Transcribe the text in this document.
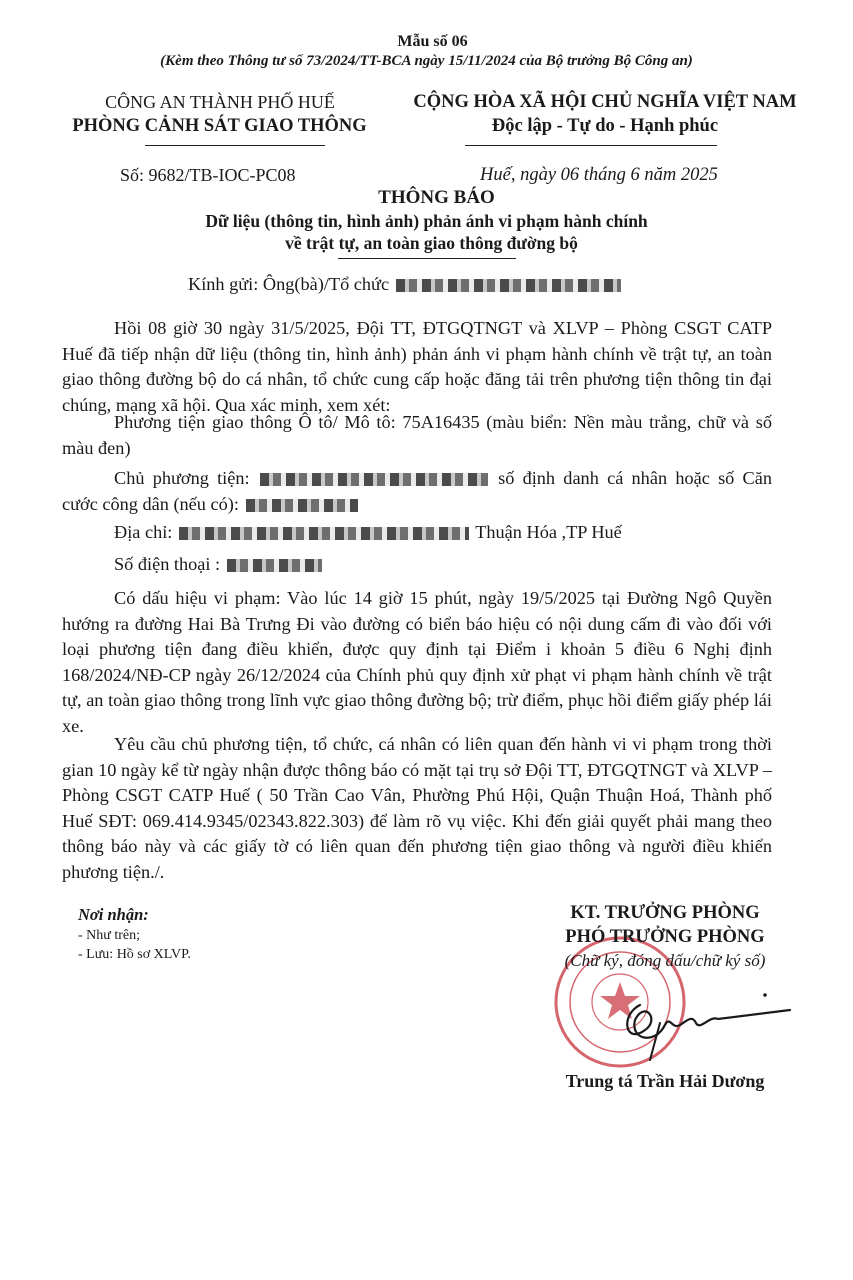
Mẫu số 06
(Kèm theo Thông tư số 73/2024/TT-BCA ngày 15/11/2024 của Bộ trưởng Bộ Công an)
CÔNG AN THÀNH PHỐ HUẾ
PHÒNG CẢNH SÁT GIAO THÔNG
CỘNG HÒA XÃ HỘI CHỦ NGHĨA VIỆT NAM
Độc lập - Tự do - Hạnh phúc
Số: 9682/TB-IOC-PC08	Huế, ngày 06 tháng 6 năm 2025
THÔNG BÁO
Dữ liệu (thông tin, hình ảnh) phản ánh vi phạm hành chính
về trật tự, an toàn giao thông đường bộ
Kính gửi: Ông(bà)/Tổ chức

Hồi 08 giờ 30 ngày 31/5/2025, Đội TT, ĐTGQTNGT và XLVP – Phòng CSGT CATP Huế đã tiếp nhận dữ liệu (thông tin, hình ảnh) phản ánh vi phạm hành chính về trật tự, an toàn giao thông đường bộ do cá nhân, tổ chức cung cấp hoặc đăng tải trên phương tiện thông tin đại chúng, mạng xã hội. Qua xác minh, xem xét:

Phương tiện giao thông Ô tô/ Mô tô: 75A16435 (màu biển: Nền màu trắng, chữ và số màu đen)

Chủ phương tiện:	số định danh cá nhân hoặc số Căn cước công dân (nếu có):

Địa chỉ:	Thuận Hóa ,TP Huế
Số điện thoại :

Có dấu hiệu vi phạm: Vào lúc 14 giờ 15 phút, ngày 19/5/2025 tại Đường Ngô Quyền hướng ra đường Hai Bà Trưng Đi vào đường có biển báo hiệu có nội dung cấm đi vào đối với loại phương tiện đang điều khiển, được quy định tại Điểm i khoản 5 điều 6 Nghị định 168/2024/NĐ-CP ngày 26/12/2024 của Chính phủ quy định xử phạt vi phạm hành chính về trật tự, an toàn giao thông trong lĩnh vực giao thông đường bộ; trừ điểm, phục hồi điểm giấy phép lái xe.

Yêu cầu chủ phương tiện, tổ chức, cá nhân có liên quan đến hành vi vi phạm trong thời gian 10 ngày kể từ ngày nhận được thông báo có mặt tại trụ sở Đội TT, ĐTGQTNGT và XLVP – Phòng CSGT CATP Huế ( 50 Trần Cao Vân, Phường Phú Hội, Quận Thuận Hoá, Thành phố Huế SĐT: 069.414.9345/02343.822.303) để làm rõ vụ việc. Khi đến giải quyết phải mang theo thông báo này và các giấy tờ có liên quan đến phương tiện giao thông và người điều khiển phương tiện./.

Nơi nhận:
- Như trên;
- Lưu: Hồ sơ XLVP.
KT. TRƯỞNG PHÒNG
PHÓ TRƯỞNG PHÒNG
(Chữ ký, đóng dấu/chữ ký số)
Trung tá Trần Hải Dương
